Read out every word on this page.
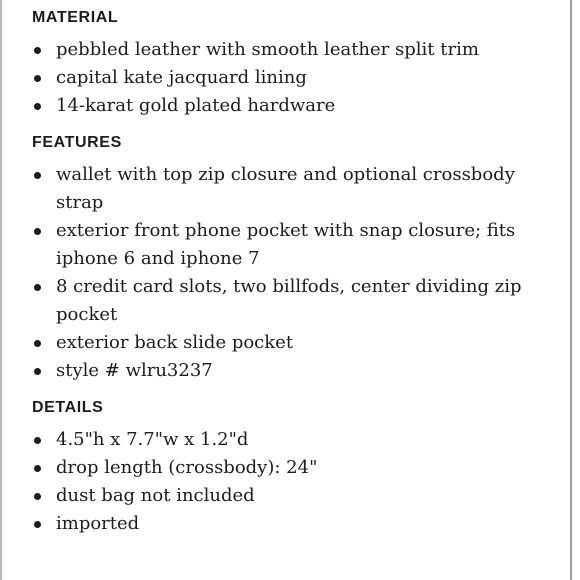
MATERIAL
pebbled leather with smooth leather split trim
capital kate jacquard lining
14-karat gold plated hardware
FEATURES
wallet with top zip closure and optional crossbody strap
exterior front phone pocket with snap closure; fits iphone 6 and iphone 7
8 credit card slots, two billfods, center dividing zip pocket
exterior back slide pocket
style # wlru3237
DETAILS
4.5"h x 7.7"w x 1.2"d
drop length (crossbody): 24"
dust bag not included
imported
